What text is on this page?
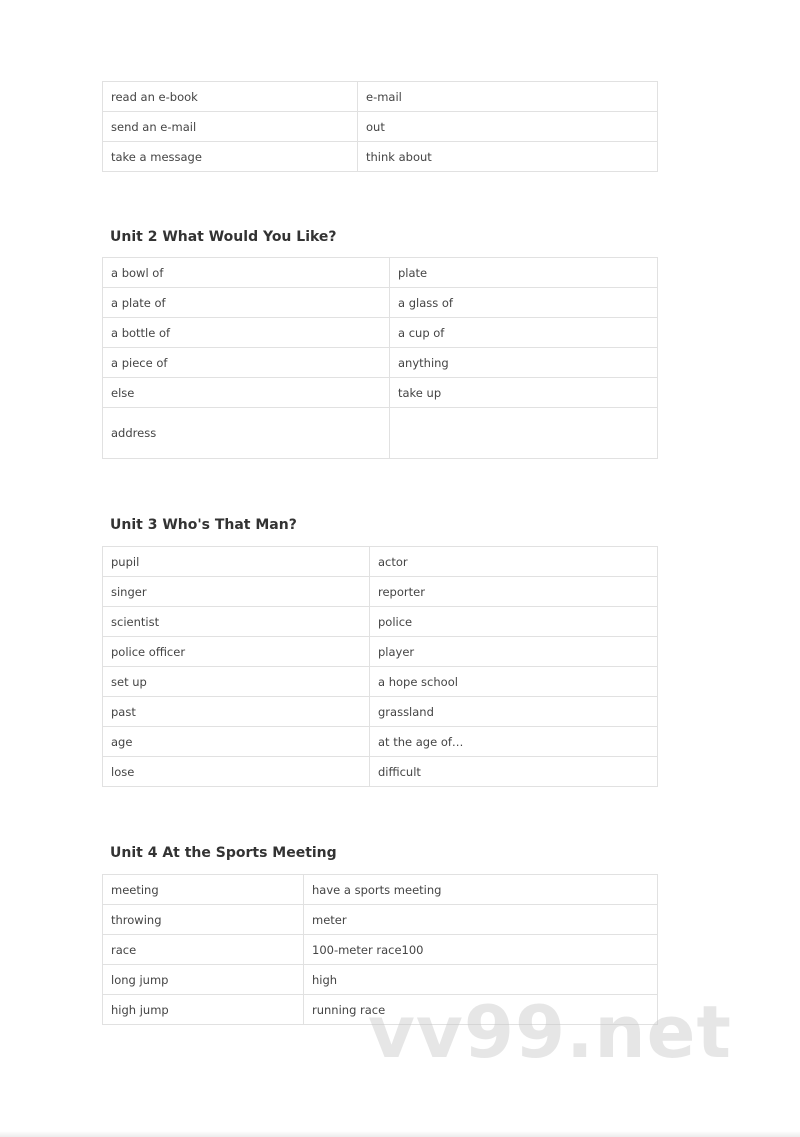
read an e-book	e-mail
send an e-mail	out
take a message	think about
Unit 2 What Would You Like?
a bowl of	plate
a plate of	a glass of
a bottle of	a cup of
a piece of	anything
else	take up
address	
Unit 3 Who's That Man?
pupil	actor
singer	reporter
scientist	police
police officer	player
set up	a hope school
past	grassland
age	at the age of…
lose	difficult
Unit 4 At the Sports Meeting
meeting	have a sports meeting
throwing	meter
race	100-meter race100
long jump	high
high jump	running race
vv99.net
